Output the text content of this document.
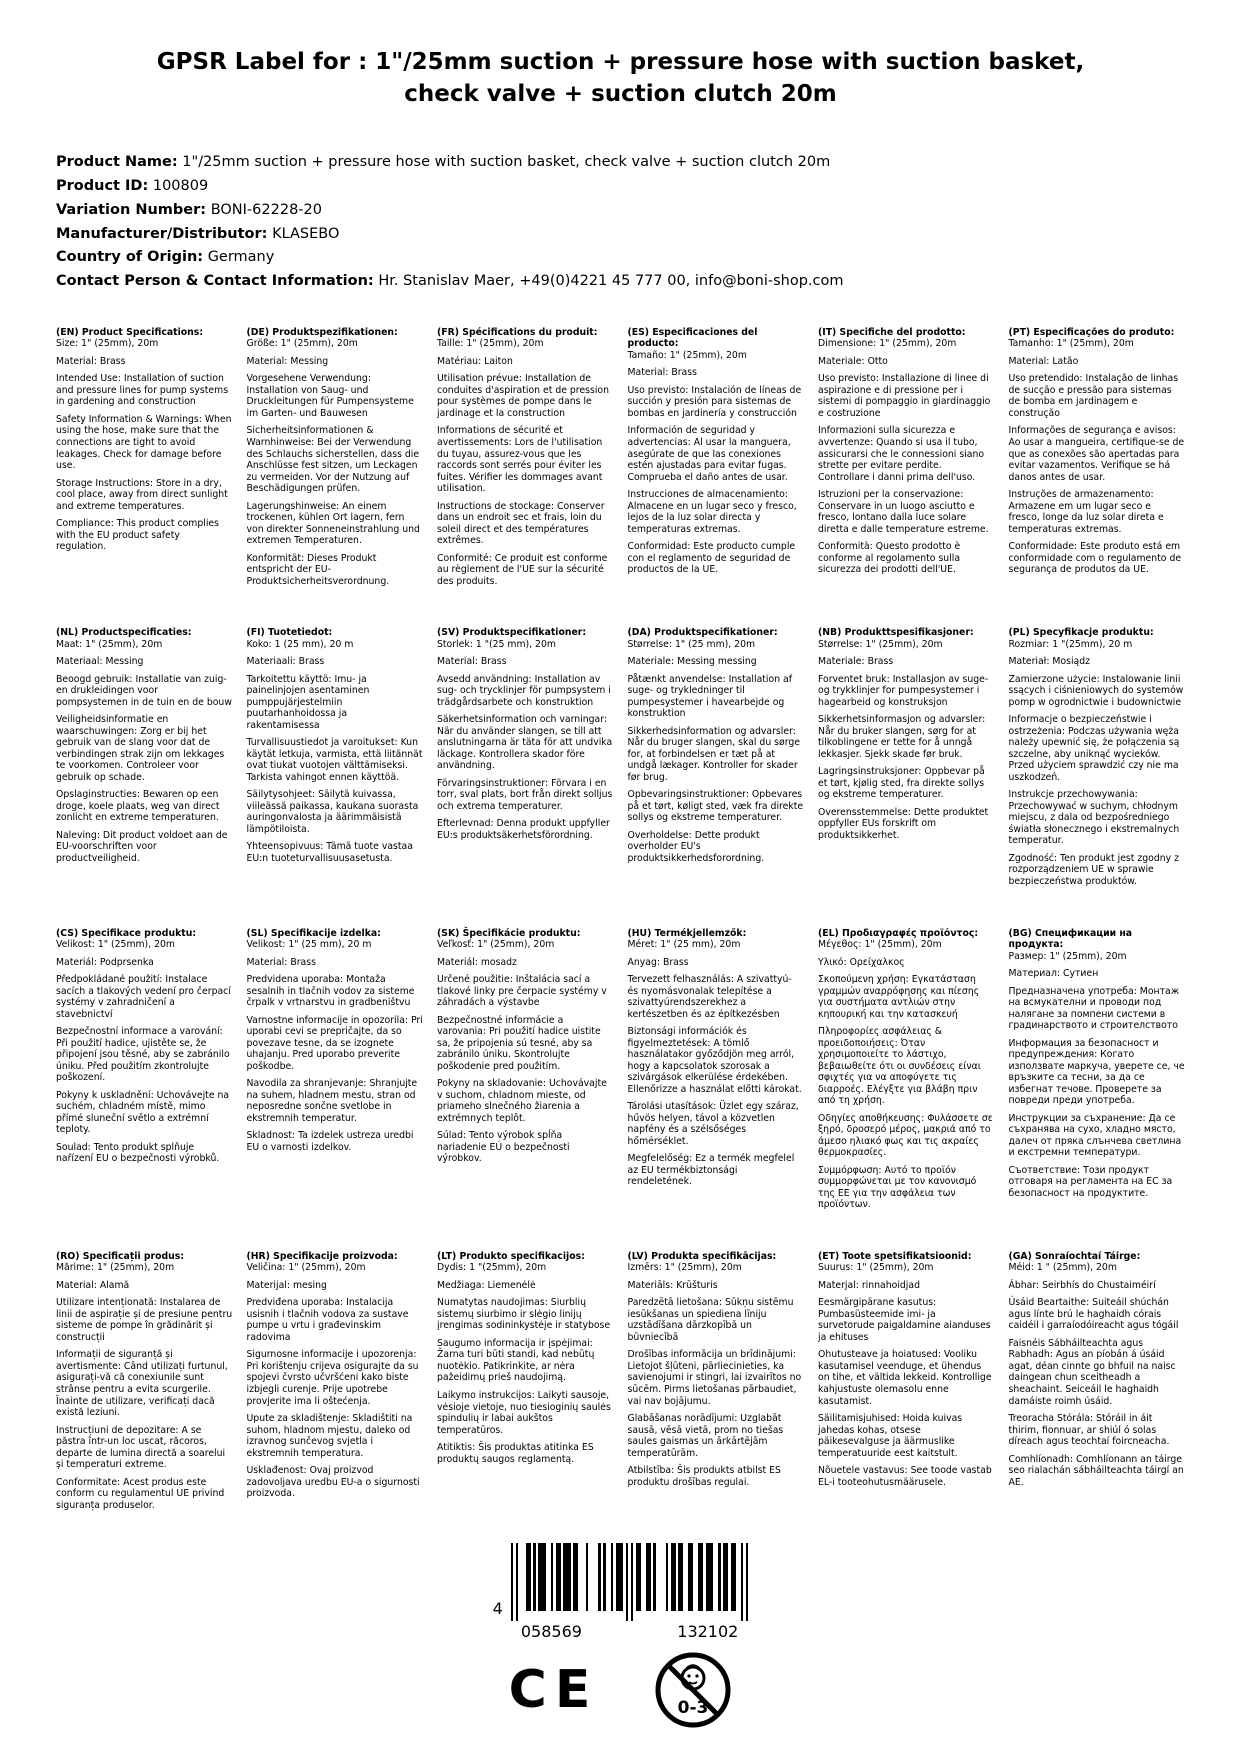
GPSR Label for : 1"/25mm suction + pressure hose with suction basket, check valve + suction clutch 20m
Product Name: 1"/25mm suction + pressure hose with suction basket, check valve + suction clutch 20m
Product ID: 100809
Variation Number: BONI-62228-20
Manufacturer/Distributor: KLASEBO
Country of Origin: Germany
Contact Person & Contact Information: Hr. Stanislav Maer, +49(0)4221 45 777 00, info@boni-shop.com
(EN) Product Specifications:

Size: 1" (25mm), 20m

Material: Brass

Intended Use: Installation of suction and pressure lines for pump systems in gardening and construction

Safety Information & Warnings: When using the hose, make sure that the connections are tight to avoid leakages. Check for damage before use.

Storage Instructions: Store in a dry, cool place, away from direct sunlight and extreme temperatures.

Compliance: This product complies with the EU product safety regulation.

(DE) Produktspezifikationen:

Größe: 1" (25mm), 20m

Material: Messing

Vorgesehene Verwendung: Installation von Saug- und Druckleitungen für Pumpensysteme im Garten- und Bauwesen

Sicherheitsinformationen & Warnhinweise: Bei der Verwendung des Schlauchs sicherstellen, dass die Anschlüsse fest sitzen, um Leckagen zu vermeiden. Vor der Nutzung auf Beschädigungen prüfen.

Lagerungshinweise: An einem trockenen, kühlen Ort lagern, fern von direkter Sonneneinstrahlung und extremen Temperaturen.

Konformität: Dieses Produkt entspricht der EU-Produktsicherheitsverordnung.

(FR) Spécifications du produit:

Taille: 1" (25mm), 20m

Matériau: Laiton

Utilisation prévue: Installation de conduites d'aspiration et de pression pour systèmes de pompe dans le jardinage et la construction

Informations de sécurité et avertissements: Lors de l'utilisation du tuyau, assurez-vous que les raccords sont serrés pour éviter les fuites. Vérifier les dommages avant utilisation.

Instructions de stockage: Conserver dans un endroit sec et frais, loin du soleil direct et des températures extrêmes.

Conformité: Ce produit est conforme au règlement de l'UE sur la sécurité des produits.

(ES) Especificaciones del producto:

Tamaño: 1" (25mm), 20m

Material: Brass

Uso previsto: Instalación de líneas de succión y presión para sistemas de bombas en jardinería y construcción

Información de seguridad y advertencias: Al usar la manguera, asegúrate de que las conexiones estén ajustadas para evitar fugas. Comprueba el daño antes de usar.

Instrucciones de almacenamiento: Almacene en un lugar seco y fresco, lejos de la luz solar directa y temperaturas extremas.

Conformidad: Este producto cumple con el reglamento de seguridad de productos de la UE.

(IT) Specifiche del prodotto:

Dimensione: 1" (25mm), 20m

Materiale: Otto

Uso previsto: Installazione di linee di aspirazione e di pressione per i sistemi di pompaggio in giardinaggio e costruzione

Informazioni sulla sicurezza e avvertenze: Quando si usa il tubo, assicurarsi che le connessioni siano strette per evitare perdite. Controllare i danni prima dell'uso.

Istruzioni per la conservazione: Conservare in un luogo asciutto e fresco, lontano dalla luce solare diretta e dalle temperature estreme.

Conformità: Questo prodotto è conforme al regolamento sulla sicurezza dei prodotti dell'UE.

(PT) Especificações do produto:

Tamanho: 1" (25mm), 20m

Material: Latão

Uso pretendido: Instalação de linhas de sucção e pressão para sistemas de bomba em jardinagem e construção

Informações de segurança e avisos: Ao usar a mangueira, certifique-se de que as conexões são apertadas para evitar vazamentos. Verifique se há danos antes de usar.

Instruções de armazenamento: Armazene em um lugar seco e fresco, longe da luz solar direta e temperaturas extremas.

Conformidade: Este produto está em conformidade com o regulamento de segurança de produtos da UE.

(NL) Productspecificaties:

Maat: 1" (25mm), 20m

Materiaal: Messing

Beoogd gebruik: Installatie van zuig- en drukleidingen voor pompsystemen in de tuin en de bouw

Veiligheidsinformatie en waarschuwingen: Zorg er bij het gebruik van de slang voor dat de verbindingen strak zijn om lekkages te voorkomen. Controleer voor gebruik op schade.

Opslaginstructies: Bewaren op een droge, koele plaats, weg van direct zonlicht en extreme temperaturen.

Naleving: Dit product voldoet aan de EU-voorschriften voor productveiligheid.

(FI) Tuotetiedot:

Koko: 1 (25 mm), 20 m

Materiaali: Brass

Tarkoitettu käyttö: Imu- ja painelinjojen asentaminen pumppujärjestelmiin puutarhanhoidossa ja rakentamisessa

Turvallisuustiedot ja varoitukset: Kun käytät letkuja, varmista, että liitännät ovat tiukat vuotojen välttämiseksi. Tarkista vahingot ennen käyttöä.

Säilytysohjeet: Säilytä kuivassa, viileässä paikassa, kaukana suorasta auringonvalosta ja äärimmäisistä lämpötiloista.

Yhteensopivuus: Tämä tuote vastaa EU:n tuoteturvallisuusasetusta.

(SV) Produktspecifikationer:

Storlek: 1 "(25 mm), 20m

Material: Brass

Avsedd användning: Installation av sug- och trycklinjer för pumpsystem i trädgårdsarbete och konstruktion

Säkerhetsinformation och varningar: När du använder slangen, se till att anslutningarna är täta för att undvika läckage. Kontrollera skador före användning.

Förvaringsinstruktioner: Förvara i en torr, sval plats, bort från direkt solljus och extrema temperaturer.

Efterlevnad: Denna produkt uppfyller EU:s produktsäkerhetsförordning.

(DA) Produktspecifikationer:

Størrelse: 1" (25 mm), 20m

Materiale: Messing messing

Påtænkt anvendelse: Installation af suge- og trykledninger til pumpesystemer i havearbejde og konstruktion

Sikkerhedsinformation og advarsler: Når du bruger slangen, skal du sørge for, at forbindelsen er tæt på at undgå lækager. Kontroller for skader før brug.

Opbevaringsinstruktioner: Opbevares på et tørt, køligt sted, væk fra direkte sollys og ekstreme temperaturer.

Overholdelse: Dette produkt overholder EU's produktsikkerhedsforordning.

(NB) Produkttspesifikasjoner:

Størrelse: 1" (25mm), 20m

Materiale: Brass

Forventet bruk: Installasjon av suge- og trykklinjer for pumpesystemer i hagearbeid og konstruksjon

Sikkerhetsinformasjon og advarsler: Når du bruker slangen, sørg for at tilkoblingene er tette for å unngå lekkasjer. Sjekk skade før bruk.

Lagringsinstruksjoner: Oppbevar på et tørt, kjølig sted, fra direkte sollys og ekstreme temperaturer.

Overensstemmelse: Dette produktet oppfyller EUs forskrift om produktsikkerhet.

(PL) Specyfikacje produktu:

Rozmiar: 1 "(25mm), 20 m

Materiał: Mosiądz

Zamierzone użycie: Instalowanie linii ssących i ciśnieniowych do systemów pomp w ogrodnictwie i budownictwie

Informacje o bezpieczeństwie i ostrzeżenia: Podczas używania węża należy upewnić się, że połączenia są szczelne, aby uniknąć wycieków. Przed użyciem sprawdzić czy nie ma uszkodzeń.

Instrukcje przechowywania: Przechowywać w suchym, chłodnym miejscu, z dala od bezpośredniego światła słonecznego i ekstremalnych temperatur.

Zgodność: Ten produkt jest zgodny z rozporządzeniem UE w sprawie bezpieczeństwa produktów.

(CS) Specifikace produktu:

Velikost: 1" (25mm), 20m

Materiál: Podprsenka

Předpokládané použití: Instalace sacích a tlakových vedení pro čerpací systémy v zahradničení a stavebnictví

Bezpečnostní informace a varování: Při použití hadice, ujistěte se, že připojení jsou těsné, aby se zabránilo úniku. Před použitím zkontrolujte poškození.

Pokyny k uskladnění: Uchovávejte na suchém, chladném místě, mimo přímé sluneční světlo a extrémní teploty.

Soulad: Tento produkt splňuje nařízení EU o bezpečnosti výrobků.

(SL) Specifikacije izdelka:

Velikost: 1" (25 mm), 20 m

Material: Brass

Predvidena uporaba: Montaža sesalnih in tlačnih vodov za sisteme črpalk v vrtnarstvu in gradbeništvu

Varnostne informacije in opozorila: Pri uporabi cevi se prepričajte, da so povezave tesne, da se izognete uhajanju. Pred uporabo preverite poškodbe.

Navodila za shranjevanje: Shranjujte na suhem, hladnem mestu, stran od neposredne sončne svetlobe in ekstremnih temperatur.

Skladnost: Ta izdelek ustreza uredbi EU o varnosti izdelkov.

(SK) Špecifikácie produktu:

Veľkosť: 1" (25mm), 20m

Materiál: mosadz

Určené použitie: Inštalácia sací a tlakové linky pre čerpacie systémy v záhradách a výstavbe

Bezpečnostné informácie a varovania: Pri použití hadice uistite sa, že pripojenia sú tesné, aby sa zabránilo úniku. Skontrolujte poškodenie pred použitím.

Pokyny na skladovanie: Uchovávajte v suchom, chladnom mieste, od priameho slnečného žiarenia a extrémnych teplôt.

Súlad: Tento výrobok spĺňa nariadenie EÚ o bezpečnosti výrobkov.

(HU) Termékjellemzők:

Méret: 1" (25 mm), 20m

Anyag: Brass

Tervezett felhasználás: A szivattyú- és nyomásvonalak telepítése a szivattyúrendszerekhez a kertészetben és az építkezésben

Biztonsági információk és figyelmeztetések: A tömlő használatakor győződjön meg arról, hogy a kapcsolatok szorosak a szivárgások elkerülése érdekében. Ellenőrizze a használat előtti károkat.

Tárolási utasítások: Üzlet egy száraz, hűvös helyen, távol a közvetlen napfény és a szélsőséges hőmérséklet.

Megfelelőség: Ez a termék megfelel az EU termékbiztonsági rendeletének.

(EL) Προδιαγραφές προϊόντος:

Μέγεθος: 1" (25mm), 20m

Υλικό: Ορείχαλκος

Σκοπούμενη χρήση: Εγκατάσταση γραμμών αναρρόφησης και πίεσης για συστήματα αντλιών στην κηπουρική και την κατασκευή

Πληροφορίες ασφάλειας & προειδοποιήσεις: Όταν χρησιμοποιείτε το λάστιχο, βεβαιωθείτε ότι οι συνδέσεις είναι σφιχτές για να αποφύγετε τις διαρροές. Ελέγξτε για βλάβη πριν από τη χρήση.

Οδηγίες αποθήκευσης: Φυλάσσετε σε ξηρό, δροσερό μέρος, μακριά από το άμεσο ηλιακό φως και τις ακραίες θερμοκρασίες.

Συμμόρφωση: Αυτό το προϊόν συμμορφώνεται με τον κανονισμό της ΕΕ για την ασφάλεια των προϊόντων.

(BG) Спецификации на продукта:

Размер: 1" (25mm), 20m

Материал: Сутиен

Предназначена употреба: Монтаж на всмукателни и проводи под налягане за помпени системи в градинарството и строителството

Информация за безопасност и предупреждения: Когато използвате маркуча, уверете се, че връзките са тесни, за да се избегнат течове. Проверете за повреди преди употреба.

Инструкции за съхранение: Да се съхранява на сухо, хладно място, далеч от пряка слънчева светлина и екстремни температури.

Съответствие: Този продукт отговаря на регламента на ЕС за безопасност на продуктите.

(RO) Specificații produs:

Mărime: 1" (25mm), 20m

Material: Alamă

Utilizare intenționată: Instalarea de linii de aspirație și de presiune pentru sisteme de pompe în grădinărit și construcții

Informații de siguranță și avertismente: Când utilizați furtunul, asigurați-vă că conexiunile sunt strânse pentru a evita scurgerile. Înainte de utilizare, verificați dacă există leziuni.

Instrucțiuni de depozitare: A se păstra într-un loc uscat, răcoros, departe de lumina directă a soarelui și temperaturi extreme.

Conformitate: Acest produs este conform cu regulamentul UE privind siguranța produselor.

(HR) Specifikacije proizvoda:

Veličina: 1" (25mm), 20m

Materijal: mesing

Predviđena uporaba: Instalacija usisnih i tlačnih vodova za sustave pumpe u vrtu i građevinskim radovima

Sigurnosne informacije i upozorenja: Pri korištenju crijeva osigurajte da su spojevi čvrsto učvršćeni kako biste izbjegli curenje. Prije upotrebe provjerite ima li oštećenja.

Upute za skladištenje: Skladištiti na suhom, hladnom mjestu, daleko od izravnog sunčevog svjetla i ekstremnih temperatura.

Usklađenost: Ovaj proizvod zadovoljava uredbu EU-a o sigurnosti proizvoda.

(LT) Produkto specifikacijos:

Dydis: 1 "(25mm), 20m

Medžiaga: Liemenėlė

Numatytas naudojimas: Siurblių sistemų siurbimo ir slėgio linijų įrengimas sodininkystėje ir statybose

Saugumo informacija ir įspėjimai: Žarna turi būti standi, kad nebūtų nuotėkio. Patikrinkite, ar nėra pažeidimų prieš naudojimą.

Laikymo instrukcijos: Laikyti sausoje, vėsioje vietoje, nuo tiesioginių saulės spindulių ir labai aukštos temperatūros.

Atitiktis: Šis produktas atitinka ES produktų saugos reglamentą.

(LV) Produkta specifikācijas:

Izmērs: 1" (25mm), 20m

Materiāls: Krūšturis

Paredzētā lietošana: Sūkņu sistēmu iesūkšanas un spiediena līniju uzstādīšana dārzkopībā un būvniecībā

Drošības informācija un brīdinājumi: Lietojot šļūteni, pārliecinieties, ka savienojumi ir stingri, lai izvairītos no sūcēm. Pirms lietošanas pārbaudiet, vai nav bojājumu.

Glabāšanas norādījumi: Uzglabāt sausā, vēsā vietā, prom no tiešas saules gaismas un ārkārtējām temperatūrām.

Atbilstība: Šis produkts atbilst ES produktu drošības regulai.

(ET) Toote spetsifikatsioonid:

Suurus: 1" (25mm), 20m

Materjal: rinnahoidjad

Eesmärgipärane kasutus: Pumbasüsteemide imi- ja survetorude paigaldamine aianduses ja ehituses

Ohutusteave ja hoiatused: Vooliku kasutamisel veenduge, et ühendus on tihe, et vältida lekkeid. Kontrollige kahjustuste olemasolu enne kasutamist.

Säilitamisjuhised: Hoida kuivas jahedas kohas, otsese päikesevalguse ja äärmuslike temperatuuride eest kaitstult.

Nõuetele vastavus: See toode vastab EL-i tooteohutusmäärusele.

(GA) Sonraíochtaí Táirge:

Méid: 1 " (25mm), 20m

Ábhar: Seirbhís do Chustaiméirí

Úsáid Beartaithe: Suiteáil shúchán agus línte brú le haghaidh córais caidéil i garraíodóireacht agus tógáil

Faisnéis Sábháilteachta agus Rabhadh: Agus an píobán á úsáid agat, déan cinnte go bhfuil na naisc daingean chun sceitheadh a sheachaint. Seiceáil le haghaidh damáiste roimh úsáid.

Treoracha Stórála: Stóráil in áit thirim, fionnuar, ar shiúl ó solas díreach agus teochtaí foircneacha.

Comhlíonadh: Comhlíonann an táirge seo rialachán sábháilteachta táirgí an AE.

4
058569	132102
CE	0-3
